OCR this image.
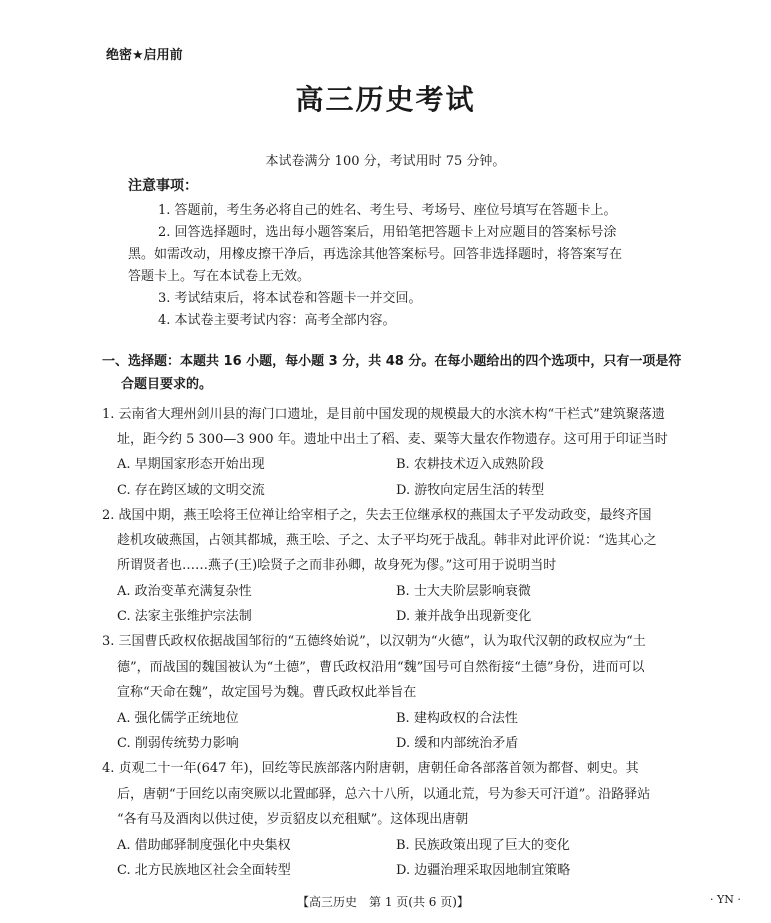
绝密★启用前
高三历史考试
本试卷满分 100 分，考试用时 75 分钟。
注意事项：
1. 答题前，考生务必将自己的姓名、考生号、考场号、座位号填写在答题卡上。
2. 回答选择题时，选出每小题答案后，用铅笔把答题卡上对应题目的答案标号涂
黑。如需改动，用橡皮擦干净后，再选涂其他答案标号。回答非选择题时，将答案写在
答题卡上。写在本试卷上无效。
3. 考试结束后，将本试卷和答题卡一并交回。
4. 本试卷主要考试内容：高考全部内容。
一、选择题：本题共 16 小题，每小题 3 分，共 48 分。在每小题给出的四个选项中，只有一项是符
合题目要求的。
1. 云南省大理州剑川县的海门口遗址，是目前中国发现的规模最大的水滨木构“干栏式”建筑聚落遗
址，距今约 5 300—3 900 年。遗址中出土了稻、麦、粟等大量农作物遗存。这可用于印证当时
A. 早期国家形态开始出现	B. 农耕技术迈入成熟阶段
C. 存在跨区域的文明交流	D. 游牧向定居生活的转型
2. 战国中期，燕王哙将王位禅让给宰相子之，失去王位继承权的燕国太子平发动政变，最终齐国
趁机攻破燕国，占领其都城，燕王哙、子之、太子平均死于战乱。韩非对此评价说：“选其心之
所谓贤者也……燕子(王)哙贤子之而非孙卿，故身死为僇。”这可用于说明当时
A. 政治变革充满复杂性	B. 士大夫阶层影响衰微
C. 法家主张维护宗法制	D. 兼并战争出现新变化
3. 三国曹氏政权依据战国邹衍的“五德终始说”，以汉朝为“火德”，认为取代汉朝的政权应为“土
德”，而战国的魏国被认为“土德”，曹氏政权沿用“魏”国号可自然衔接“土德”身份，进而可以
宣称“天命在魏”，故定国号为魏。曹氏政权此举旨在
A. 强化儒学正统地位	B. 建构政权的合法性
C. 削弱传统势力影响	D. 缓和内部统治矛盾
4. 贞观二十一年(647 年)，回纥等民族部落内附唐朝，唐朝任命各部落首领为都督、刺史。其
后，唐朝“于回纥以南突厥以北置邮驿，总六十八所，以通北荒，号为参天可汗道”。沿路驿站
“各有马及酒肉以供过使，岁贡貂皮以充租赋”。这体现出唐朝
A. 借助邮驿制度强化中央集权	B. 民族政策出现了巨大的变化
C. 北方民族地区社会全面转型	D. 边疆治理采取因地制宜策略
【高三历史　第 1 页(共 6 页)】	· YN ·
